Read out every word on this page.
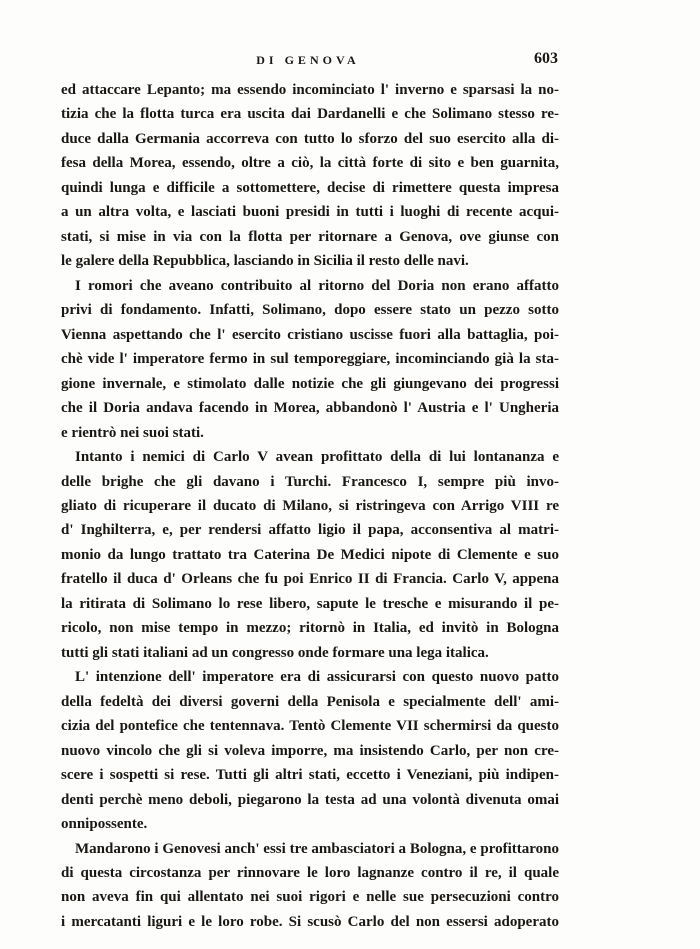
DI GENOVA	603
ed attaccare Lepanto; ma essendo incominciato l' inverno e sparsasi la no-
tizia che la flotta turca era uscita dai Dardanelli e che Solimano stesso re-
duce dalla Germania accorreva con tutto lo sforzo del suo esercito alla di-
fesa della Morea, essendo, oltre a ciò, la città forte di sito e ben guarnita,
quindi lunga e difficile a sottomettere, decise di rimettere questa impresa
a un altra volta, e lasciati buoni presidi in tutti i luoghi di recente acqui-
stati, si mise in via con la flotta per ritornare a Genova, ove giunse con
le galere della Repubblica, lasciando in Sicilia il resto delle navi.
I romori che aveano contribuito al ritorno del Doria non erano affatto
privi di fondamento. Infatti, Solimano, dopo essere stato un pezzo sotto
Vienna aspettando che l' esercito cristiano uscisse fuori alla battaglia, poi-
chè vide l' imperatore fermo in sul temporeggiare, incominciando già la sta-
gione invernale, e stimolato dalle notizie che gli giungevano dei progressi
che il Doria andava facendo in Morea, abbandonò l' Austria e l' Ungheria
e rientrò nei suoi stati.
Intanto i nemici di Carlo V avean profittato della di lui lontananza e
delle brighe che gli davano i Turchi. Francesco I, sempre più invo-
gliato di ricuperare il ducato di Milano, si ristringeva con Arrigo VIII re
d' Inghilterra, e, per rendersi affatto ligio il papa, acconsentiva al matri-
monio da lungo trattato tra Caterina De Medici nipote di Clemente e suo
fratello il duca d' Orleans che fu poi Enrico II di Francia. Carlo V, appena
la ritirata di Solimano lo rese libero, sapute le tresche e misurando il pe-
ricolo, non mise tempo in mezzo; ritornò in Italia, ed invitò in Bologna
tutti gli stati italiani ad un congresso onde formare una lega italica.
L' intenzione dell' imperatore era di assicurarsi con questo nuovo patto
della fedeltà dei diversi governi della Penisola e specialmente dell' ami-
cizia del pontefice che tentennava. Tentò Clemente VII schermirsi da questo
nuovo vincolo che gli si voleva imporre, ma insistendo Carlo, per non cre-
scere i sospetti si rese. Tutti gli altri stati, eccetto i Veneziani, più indipen-
denti perchè meno deboli, piegarono la testa ad una volontà divenuta omai
onnipossente.
Mandarono i Genovesi anch' essi tre ambasciatori a Bologna, e profittarono
di questa circostanza per rinnovare le loro lagnanze contro il re, il quale
non aveva fin qui allentato nei suoi rigori e nelle sue persecuzioni contro
i mercatanti liguri e le loro robe. Si scusò Carlo del non essersi adoperato
